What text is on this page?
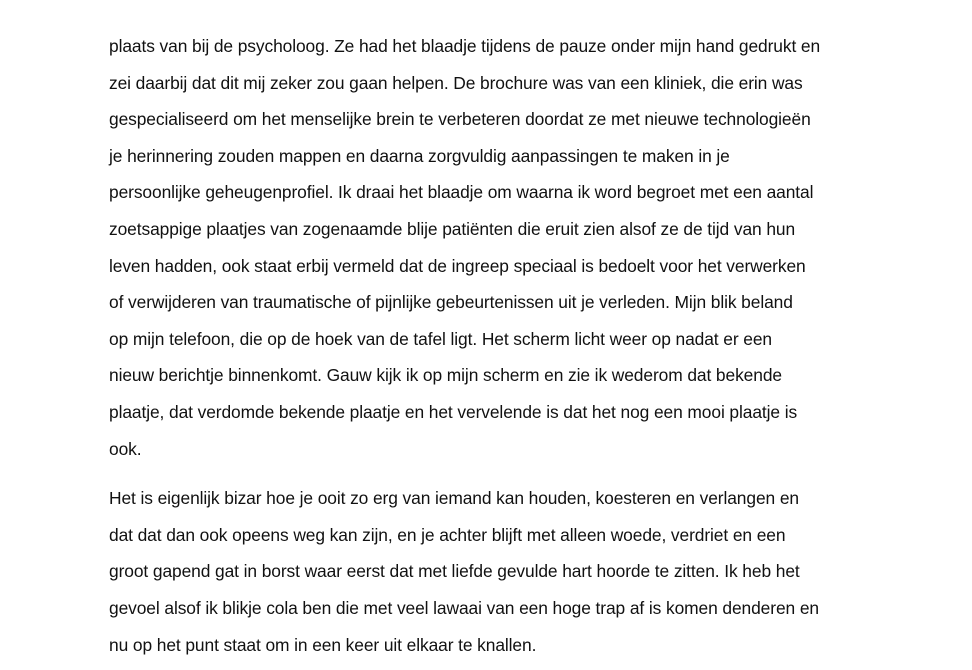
plaats van bij de psycholoog. Ze had het blaadje tijdens de pauze onder mijn hand gedrukt en
zei daarbij dat dit mij zeker zou gaan helpen. De brochure was van een kliniek, die erin was
gespecialiseerd om het menselijke brein te verbeteren doordat ze met nieuwe technologieën
je herinnering zouden mappen en daarna zorgvuldig aanpassingen te maken in je
persoonlijke geheugenprofiel. Ik draai het blaadje om waarna ik word begroet met een aantal
zoetsappige plaatjes van zogenaamde blije patiënten die eruit zien alsof ze de tijd van hun
leven hadden, ook staat erbij vermeld dat de ingreep speciaal is bedoelt voor het verwerken
of verwijderen van traumatische of pijnlijke gebeurtenissen uit je verleden. Mijn blik beland
op mijn telefoon, die op de hoek van de tafel ligt. Het scherm licht weer op nadat er een
nieuw berichtje binnenkomt. Gauw kijk ik op mijn scherm en zie ik wederom dat bekende
plaatje, dat verdomde bekende plaatje en het vervelende is dat het nog een mooi plaatje is
ook.
Het is eigenlijk bizar hoe je ooit zo erg van iemand kan houden, koesteren en verlangen en
dat dat dan ook opeens weg kan zijn, en je achter blijft met alleen woede, verdriet en een
groot gapend gat in borst waar eerst dat met liefde gevulde hart hoorde te zitten. Ik heb het
gevoel alsof ik blikje cola ben die met veel lawaai van een hoge trap af is komen denderen en
nu op het punt staat om in een keer uit elkaar te knallen.
